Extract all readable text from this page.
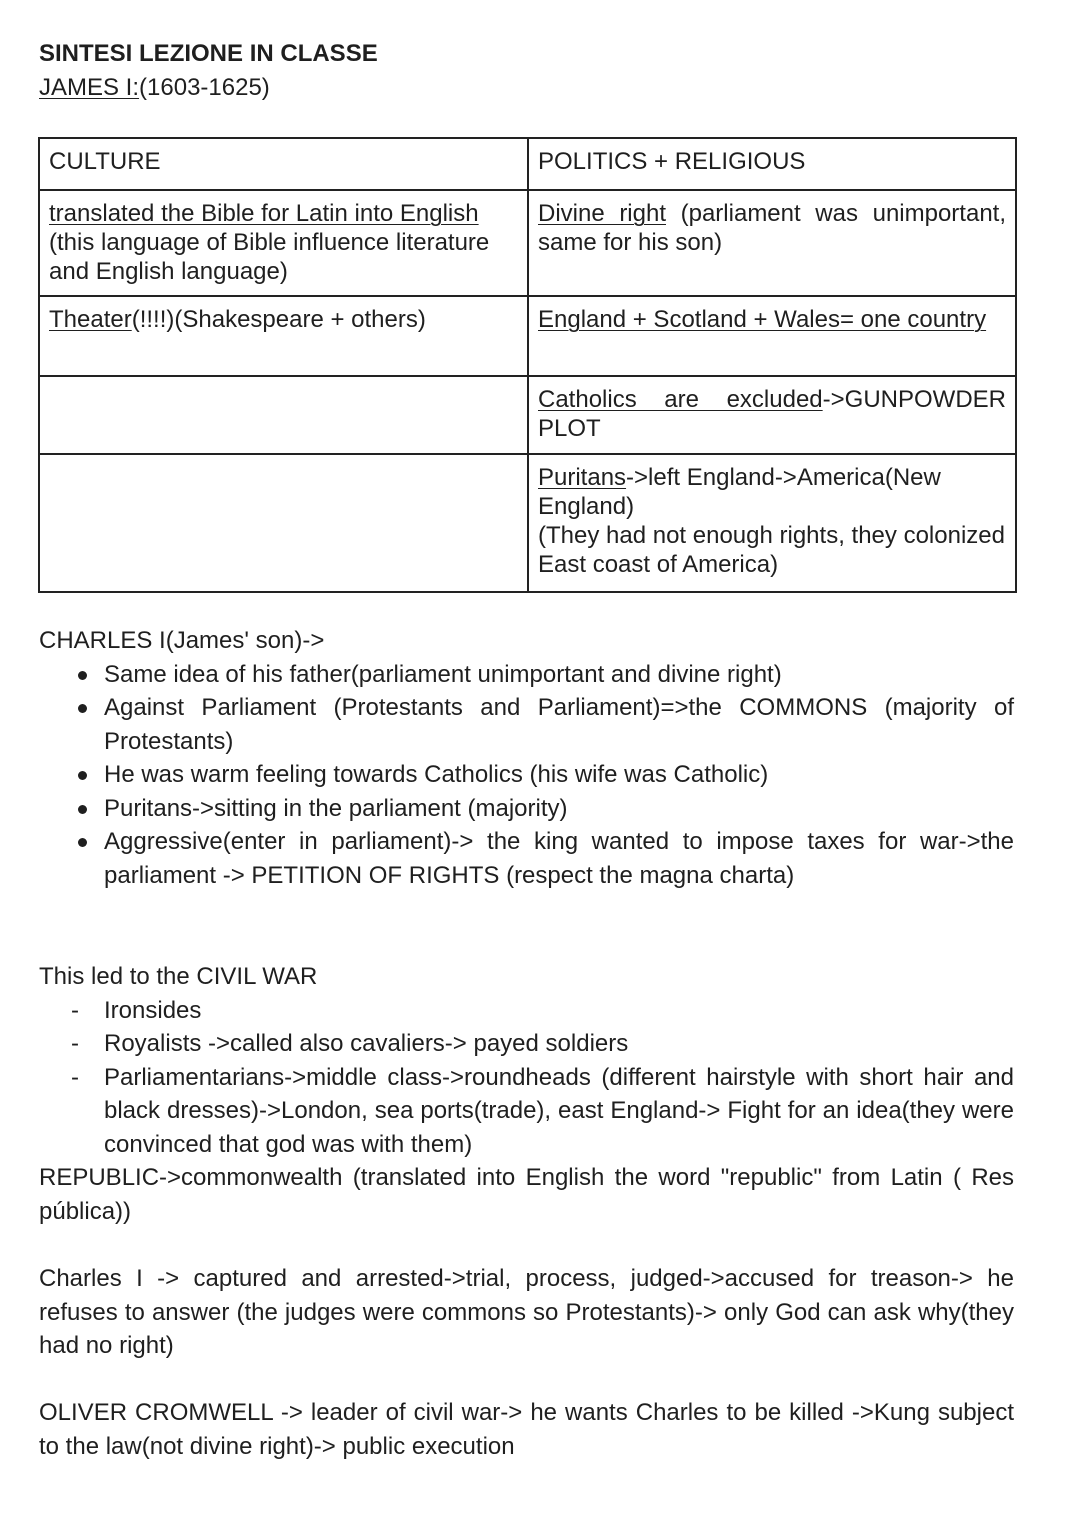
SINTESI LEZIONE IN CLASSE
JAMES I:(1603-1625)
CULTURE	POLITICS + RELIGIOUS
translated the Bible for Latin into English (this language of Bible influence literature and English language)	Divine right (parliament was unimportant, same for his son)
Theater(!!!!)(Shakespeare + others)	England + Scotland + Wales= one country
	Catholics are excluded->GUNPOWDER PLOT

	Puritans->left England->America(New England)
(They had not enough rights, they colonized East coast of America)

CHARLES I(James' son)->

Same idea of his father(parliament unimportant and divine right)
Against Parliament (Protestants and Parliament)=>the COMMONS (majority of Protestants)
He was warm feeling towards Catholics (his wife was Catholic)
Puritans->sitting in the parliament (majority)
Aggressive(enter in parliament)-> the king wanted to impose taxes for war->the parliament -> PETITION OF RIGHTS (respect the magna charta)

This led to the CIVIL WAR

- Ironsides
- Royalists ->called also cavaliers-> payed soldiers
- Parliamentarians->middle class->roundheads (different hairstyle with short hair and black dresses)->London, sea ports(trade), east England-> Fight for an idea(they were convinced that god was with them)

REPUBLIC->commonwealth (translated into English the word "republic" from Latin ( Res pública))

Charles I -> captured and arrested->trial, process, judged->accused for treason-> he refuses to answer (the judges were commons so Protestants)-> only God can ask why(they had no right)

OLIVER CROMWELL -> leader of civil war-> he wants Charles to be killed ->Kung subject to the law(not divine right)-> public execution
